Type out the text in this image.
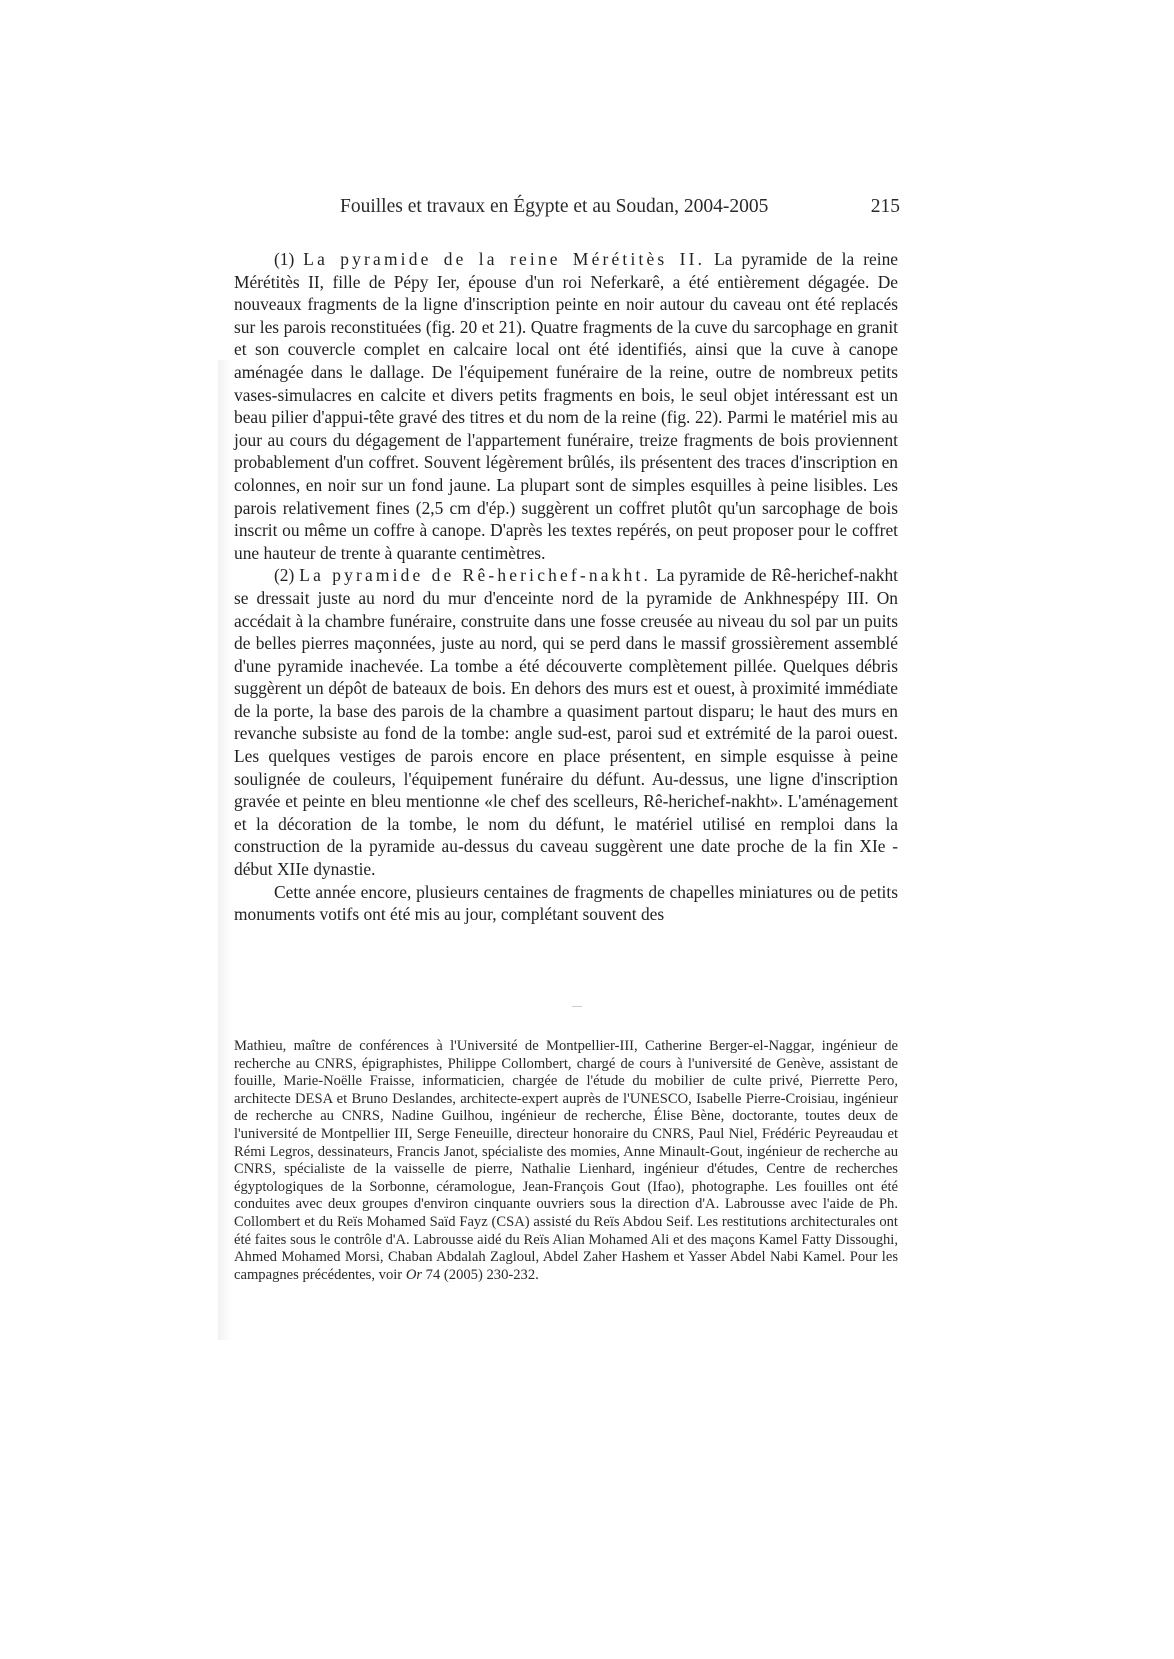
Fouilles et travaux en Égypte et au Soudan, 2004-2005	215

(1) La pyramide de la reine Mérétitès II. La pyramide de la reine Mérétitès II, fille de Pépy Ier, épouse d'un roi Neferkarê, a été entièrement dégagée. De nouveaux fragments de la ligne d'inscription peinte en noir autour du caveau ont été replacés sur les parois reconstituées (fig. 20 et 21). Quatre fragments de la cuve du sarcophage en granit et son couvercle complet en calcaire local ont été identifiés, ainsi que la cuve à canope aménagée dans le dallage. De l'équipement funéraire de la reine, outre de nombreux petits vases-simulacres en calcite et divers petits fragments en bois, le seul objet intéressant est un beau pilier d'appui-tête gravé des titres et du nom de la reine (fig. 22). Parmi le matériel mis au jour au cours du dégagement de l'appartement funéraire, treize fragments de bois proviennent probablement d'un coffret. Souvent légèrement brûlés, ils présentent des traces d'inscription en colonnes, en noir sur un fond jaune. La plupart sont de simples esquilles à peine lisibles. Les parois relativement fines (2,5 cm d'ép.) suggèrent un coffret plutôt qu'un sarcophage de bois inscrit ou même un coffre à canope. D'après les textes repérés, on peut proposer pour le coffret une hauteur de trente à quarante centimètres.

(2) La pyramide de Rê-herichef-nakht. La pyramide de Rê-herichef-nakht se dressait juste au nord du mur d'enceinte nord de la pyramide de Ankhnespépy III. On accédait à la chambre funéraire, construite dans une fosse creusée au niveau du sol par un puits de belles pierres maçonnées, juste au nord, qui se perd dans le massif grossièrement assemblé d'une pyramide inachevée. La tombe a été découverte complètement pillée. Quelques débris suggèrent un dépôt de bateaux de bois. En dehors des murs est et ouest, à proximité immédiate de la porte, la base des parois de la chambre a quasiment partout disparu; le haut des murs en revanche subsiste au fond de la tombe: angle sud-est, paroi sud et extrémité de la paroi ouest. Les quelques vestiges de parois encore en place présentent, en simple esquisse à peine soulignée de couleurs, l'équipement funéraire du défunt. Au-dessus, une ligne d'inscription gravée et peinte en bleu mentionne «le chef des scelleurs, Rê-herichef-nakht». L'aménagement et la décoration de la tombe, le nom du défunt, le matériel utilisé en remploi dans la construction de la pyramide au-dessus du caveau suggèrent une date proche de la fin XIe - début XIIe dynastie.

Cette année encore, plusieurs centaines de fragments de chapelles miniatures ou de petits monuments votifs ont été mis au jour, complétant souvent des

Mathieu, maître de conférences à l'Université de Montpellier-III, Catherine Berger-el-Naggar, ingénieur de recherche au CNRS, épigraphistes, Philippe Collombert, chargé de cours à l'université de Genève, assistant de fouille, Marie-Noëlle Fraisse, informaticien, chargée de l'étude du mobilier de culte privé, Pierrette Pero, architecte DESA et Bruno Deslandes, architecte-expert auprès de l'UNESCO, Isabelle Pierre-Croisiau, ingénieur de recherche au CNRS, Nadine Guilhou, ingénieur de recherche, Élise Bène, doctorante, toutes deux de l'université de Montpellier III, Serge Feneuille, directeur honoraire du CNRS, Paul Niel, Frédéric Peyreaudau et Rémi Legros, dessinateurs, Francis Janot, spécialiste des momies, Anne Minault-Gout, ingénieur de recherche au CNRS, spécialiste de la vaisselle de pierre, Nathalie Lienhard, ingénieur d'études, Centre de recherches égyptologiques de la Sorbonne, céramologue, Jean-François Gout (Ifao), photographe. Les fouilles ont été conduites avec deux groupes d'environ cinquante ouvriers sous la direction d'A. Labrousse avec l'aide de Ph. Collombert et du Reïs Mohamed Saïd Fayz (CSA) assisté du Reïs Abdou Seif. Les restitutions architecturales ont été faites sous le contrôle d'A. Labrousse aidé du Reïs Alian Mohamed Ali et des maçons Kamel Fatty Dissoughi, Ahmed Mohamed Morsi, Chaban Abdalah Zagloul, Abdel Zaher Hashem et Yasser Abdel Nabi Kamel. Pour les campagnes précédentes, voir Or 74 (2005) 230-232.
